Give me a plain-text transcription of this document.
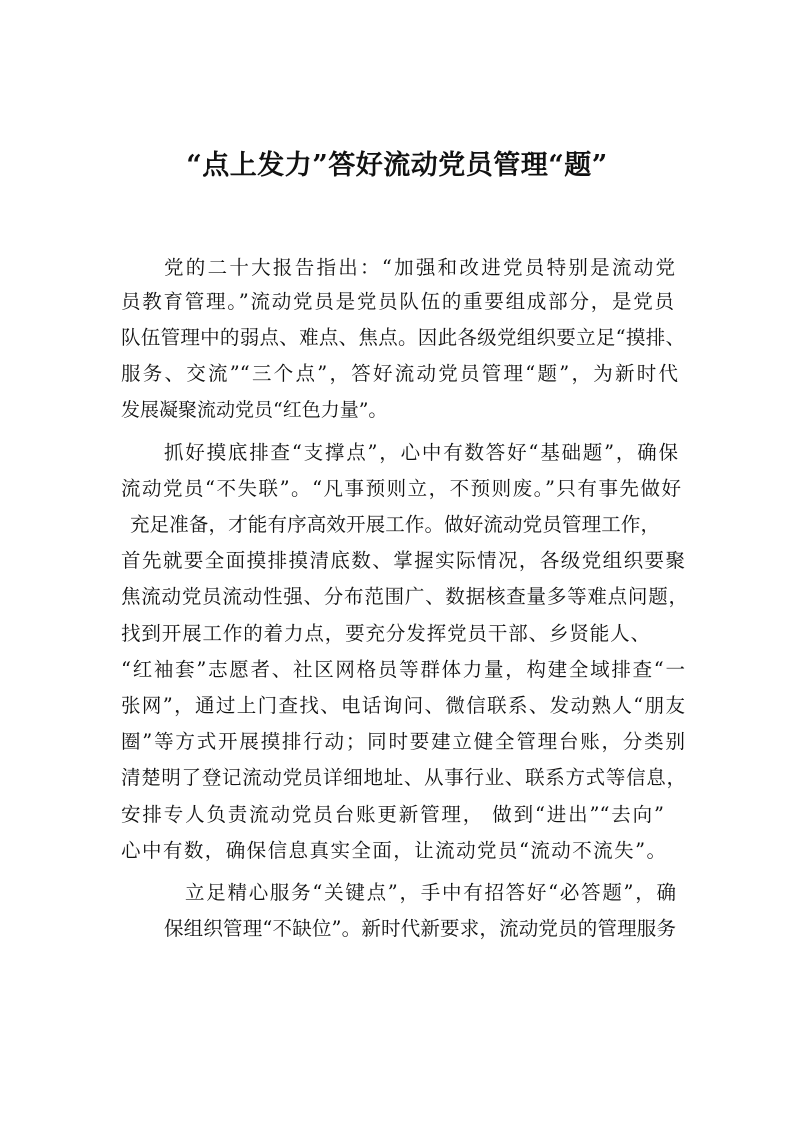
“点上发力”答好流动党员管理“题”
党的二十大报告指出：“加强和改进党员特别是流动党
员教育管理。”流动党员是党员队伍的重要组成部分，是党员
队伍管理中的弱点、难点、焦点。因此各级党组织要立足“摸排、
服务、交流”“三个点”，答好流动党员管理“题”，为新时代
发展凝聚流动党员“红色力量”。
抓好摸底排查“支撑点”，心中有数答好“基础题”，确保
流动党员“不失联”。“凡事预则立，不预则废。”只有事先做好
充足准备，才能有序高效开展工作。做好流动党员管理工作，
首先就要全面摸排摸清底数、掌握实际情况，各级党组织要聚
焦流动党员流动性强、分布范围广、数据核查量多等难点问题，
找到开展工作的着力点，要充分发挥党员干部、乡贤能人、
“红袖套”志愿者、社区网格员等群体力量，构建全域排查“一
张网”，通过上门查找、电话询问、微信联系、发动熟人“朋友
圈”等方式开展摸排行动；同时要建立健全管理台账，分类别
清楚明了登记流动党员详细地址、从事行业、联系方式等信息，
安排专人负责流动党员台账更新管理， 做到“进出”“去向”
心中有数，确保信息真实全面，让流动党员“流动不流失”。
立足精心服务“关键点”，手中有招答好“必答题”，确
保组织管理“不缺位”。新时代新要求，流动党员的管理服务
